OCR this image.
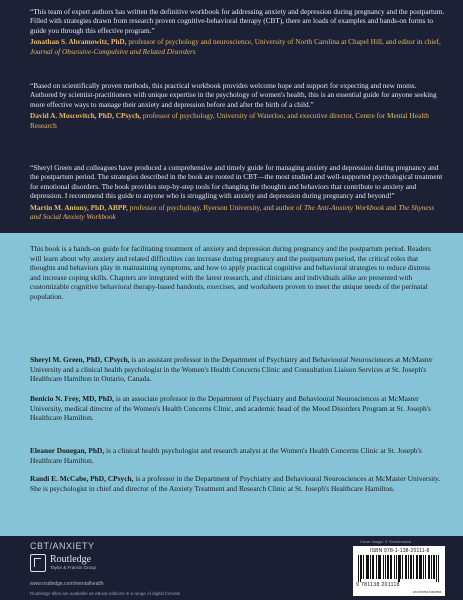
“This team of expert authors has written the definitive workbook for addressing anxiety and depression during pregnancy and the postpartum. Filled with strategies drawn from research proven cognitive-behavioral therapy (CBT), there are loads of examples and hands-on forms to guide you through this effective program.”

Jonathan S. Abramowitz, PhD, professor of psychology and neuroscience, University of North Carolina at Chapel Hill, and editor in chief, Journal of Obsessive-Compulsive and Related Disorders

“Based on scientifically proven methods, this practical workbook provides welcome hope and support for expecting and new moms. Authored by scientist-practitioners with unique expertise in the psychology of women's health, this is an essential guide for anyone seeking more effective ways to manage their anxiety and depression before and after the birth of a child.”

David A. Moscovitch, PhD, CPsych, professor of psychology, University of Waterloo, and executive director, Centre for Mental Health Research

“Sheryl Green and colleagues have produced a comprehensive and timely guide for managing anxiety and depression during pregnancy and the postpartum period. The strategies described in the book are rooted in CBT—the most studied and well-supported psychological treatment for emotional disorders. The book provides step-by-step tools for changing the thoughts and behaviors that contribute to anxiety and depression. I recommend this guide to anyone who is struggling with anxiety and depression during pregnancy and beyond!”

Martin M. Antony, PhD, ABPP, professor of psychology, Ryerson University, and author of The Anti-Anxiety Workbook and The Shyness and Social Anxiety Workbook

This book is a hands-on guide for facilitating treatment of anxiety and depression during pregnancy and the postpartum period. Readers will learn about why anxiety and related difficulties can increase during pregnancy and the postpartum period, the critical roles that thoughts and behaviors play in maintaining symptoms, and how to apply practical cognitive and behavioral strategies to reduce distress and increase coping skills. Chapters are integrated with the latest research, and clinicians and individuals alike are presented with customizable cognitive behavioral therapy-based handouts, exercises, and worksheets proven to meet the unique needs of the perinatal population.
Sheryl M. Green, PhD, CPsych, is an assistant professor in the Department of Psychiatry and Behavioural Neurosciences at McMaster University and a clinical health psychologist in the Women's Health Concerns Clinic and Consultation Liaison Services at St. Joseph's Healthcare Hamilton in Ontario, Canada.
Benicio N. Frey, MD, PhD, is an associate professor in the Department of Psychiatry and Behavioural Neurosciences at McMaster University, medical director of the Women's Health Concerns Clinic, and academic head of the Mood Disorders Program at St. Joseph's Healthcare Hamilton.
Eleanor Donegan, PhD, is a clinical health psychologist and research analyst at the Women's Health Concerns Clinic at St. Joseph's Healthcare Hamilton.
Randi E. McCabe, PhD, CPsych, is a professor in the Department of Psychiatry and Behavioural Neurosciences at McMaster University. She is psychologist in chief and director of the Anxiety Treatment and Research Clinic at St. Joseph's Healthcare Hamilton.
CBT/ANXIETY
Routledge
Taylor & Francis Group
www.routledge.com/mentalhealth
Routledge titles are available as eBook editions in a range of digital formats
Cover image: © Shutterstock
ISBN 978-1-138-20111-8
9 781138 201118
an informa business
